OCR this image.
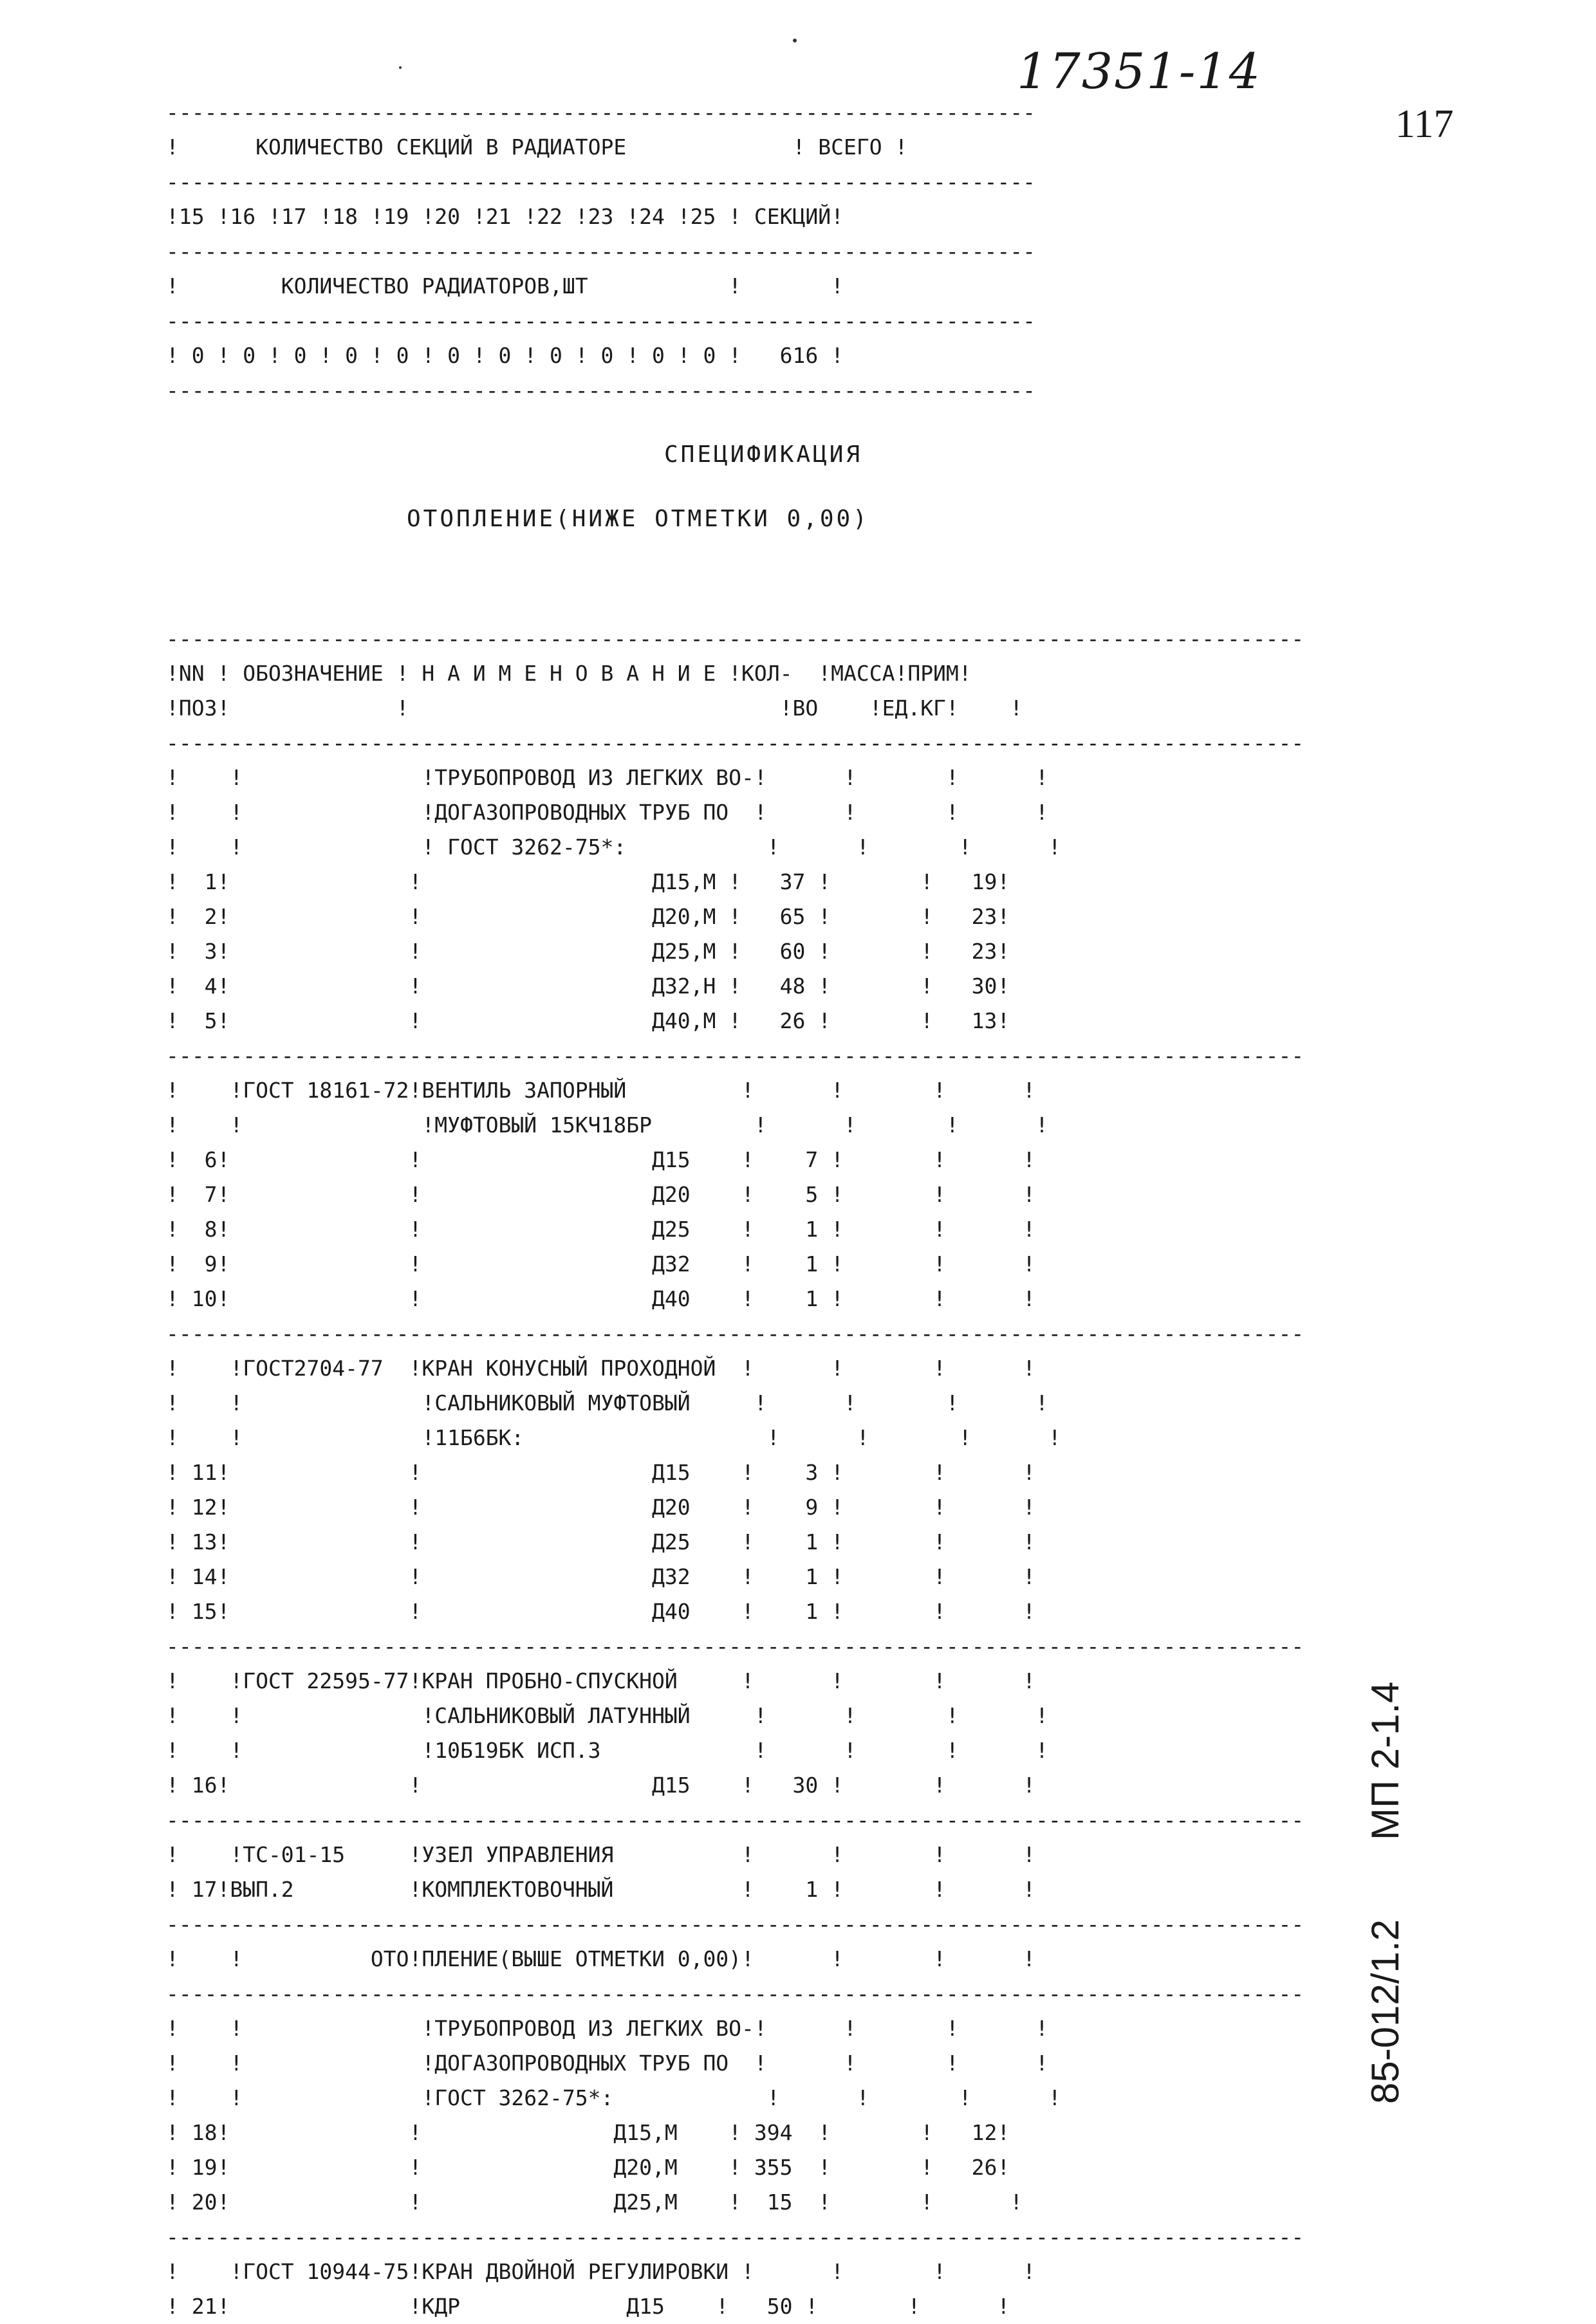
17351-14
117
--------------------------------------------------------------------
!      КОЛИЧЕСТВО СЕКЦИЙ В РАДИАТОРЕ             ! ВСЕГО !
--------------------------------------------------------------------
!15 !16 !17 !18 !19 !20 !21 !22 !23 !24 !25 ! СЕКЦИЙ!
--------------------------------------------------------------------
!        КОЛИЧЕСТВО РАДИАТОРОВ,ШТ           !       !
--------------------------------------------------------------------
! 0 ! 0 ! 0 ! 0 ! 0 ! 0 ! 0 ! 0 ! 0 ! 0 ! 0 !   616 !
--------------------------------------------------------------------
СПЕЦИФИКАЦИЯ
ОТОПЛЕНИЕ(НИЖЕ ОТМЕТКИ 0,00)
-----------------------------------------------------------------------------------------
!NN ! ОБОЗНАЧЕНИЕ ! Н А И М Е Н О В А Н И Е !КОЛ-  !МАССА!ПРИМ!
!ПОЗ!             !                             !ВО    !ЕД.КГ!    !
-----------------------------------------------------------------------------------------
!    !              !ТРУБОПРОВОД ИЗ ЛЕГКИХ ВО-!      !       !      !
!    !              !ДОГАЗОПРОВОДНЫХ ТРУБ ПО  !      !       !      !
!    !              ! ГОСТ 3262-75*:           !      !       !      !
!  1!              !                  Д15,М !   37 !       !   19!
!  2!              !                  Д20,М !   65 !       !   23!
!  3!              !                  Д25,М !   60 !       !   23!
!  4!              !                  Д32,Н !   48 !       !   30!
!  5!              !                  Д40,М !   26 !       !   13!
-----------------------------------------------------------------------------------------
!    !ГОСТ 18161-72!ВЕНТИЛЬ ЗАПОРНЫЙ         !      !       !      !
!    !              !МУФТОВЫЙ 15КЧ18БР        !      !       !      !
!  6!              !                  Д15    !    7 !       !      !
!  7!              !                  Д20    !    5 !       !      !
!  8!              !                  Д25    !    1 !       !      !
!  9!              !                  Д32    !    1 !       !      !
! 10!              !                  Д40    !    1 !       !      !
-----------------------------------------------------------------------------------------
!    !ГОСТ2704-77  !КРАН КОНУСНЫЙ ПРОХОДНОЙ  !      !       !      !
!    !              !САЛЬНИКОВЫЙ МУФТОВЫЙ     !      !       !      !
!    !              !11Б6БК:                   !      !       !      !
! 11!              !                  Д15    !    3 !       !      !
! 12!              !                  Д20    !    9 !       !      !
! 13!              !                  Д25    !    1 !       !      !
! 14!              !                  Д32    !    1 !       !      !
! 15!              !                  Д40    !    1 !       !      !
-----------------------------------------------------------------------------------------
!    !ГОСТ 22595-77!КРАН ПРОБНО-СПУСКНОЙ     !      !       !      !
!    !              !САЛЬНИКОВЫЙ ЛАТУННЫЙ     !      !       !      !
!    !              !10Б19БК ИСП.3            !      !       !      !
! 16!              !                  Д15    !   30 !       !      !
-----------------------------------------------------------------------------------------
!    !ТС-01-15     !УЗЕЛ УПРАВЛЕНИЯ          !      !       !      !
! 17!ВЫП.2         !КОМПЛЕКТОВОЧНЫЙ          !    1 !       !      !
-----------------------------------------------------------------------------------------
!    !          ОТО!ПЛЕНИЕ(ВЫШЕ ОТМЕТКИ 0,00)!      !       !      !
-----------------------------------------------------------------------------------------
!    !              !ТРУБОПРОВОД ИЗ ЛЕГКИХ ВО-!      !       !      !
!    !              !ДОГАЗОПРОВОДНЫХ ТРУБ ПО  !      !       !      !
!    !              !ГОСТ 3262-75*:            !      !       !      !
! 18!              !               Д15,М    ! 394  !       !   12!
! 19!              !               Д20,М    ! 355  !       !   26!
! 20!              !               Д25,М    !  15  !       !      !
-----------------------------------------------------------------------------------------
!    !ГОСТ 10944-75!КРАН ДВОЙНОЙ РЕГУЛИРОВКИ !      !       !      !
! 21!              !КДР             Д15    !   50 !       !      !
МП 2-1.4
85-012/1.2
